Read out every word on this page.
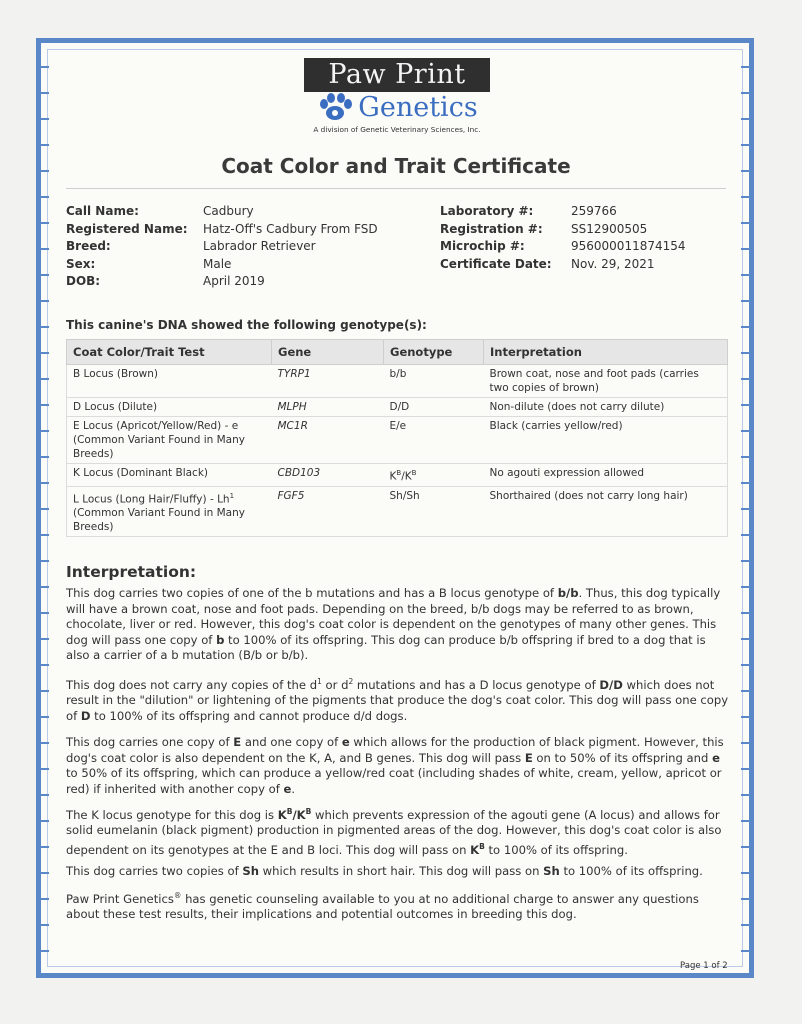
Paw Print
Genetics
A division of Genetic Veterinary Sciences, Inc.
Coat Color and Trait Certificate
Call Name:	Cadbury
Registered Name:	Hatz-Off's Cadbury From FSD
Breed:	Labrador Retriever
Sex:	Male
DOB:	April 2019
Laboratory #:	259766
Registration #:	SS12900505
Microchip #:	956000011874154
Certificate Date:	Nov. 29, 2021
This canine's DNA showed the following genotype(s):
Coat Color/Trait Test	Gene	Genotype	Interpretation
B Locus (Brown)	TYRP1	b/b	Brown coat, nose and foot pads (carries two copies of brown)
D Locus (Dilute)	MLPH	D/D	Non-dilute (does not carry dilute)
E Locus (Apricot/Yellow/Red) - e
(Common Variant Found in Many Breeds)	MC1R	E/e	Black (carries yellow/red)
K Locus (Dominant Black)	CBD103	$K^B/K^B$	No agouti expression allowed
L Locus (Long Hair/Fluffy) - Lh$^1$
(Common Variant Found in Many Breeds)	FGF5	Sh/Sh	Shorthaired (does not carry long hair)
Interpretation:

This dog carries two copies of one of the b mutations and has a B locus genotype of b/b. Thus, this dog typically will have a brown coat, nose and foot pads. Depending on the breed, b/b dogs may be referred to as brown, chocolate, liver or red. However, this dog's coat color is dependent on the genotypes of many other genes. This dog will pass one copy of b to 100% of its offspring. This dog can produce b/b offspring if bred to a dog that is also a carrier of a b mutation (B/b or b/b).

This dog does not carry any copies of the $d^1$ or $d^2$ mutations and has a D locus genotype of D/D which does not result in the "dilution" or lightening of the pigments that produce the dog's coat color. This dog will pass one copy of D to 100% of its offspring and cannot produce d/d dogs.

This dog carries one copy of E and one copy of e which allows for the production of black pigment. However, this dog's coat color is also dependent on the K, A, and B genes. This dog will pass E on to 50% of its offspring and e to 50% of its offspring, which can produce a yellow/red coat (including shades of white, cream, yellow, apricot or red) if inherited with another copy of e.

The K locus genotype for this dog is $K^B/K^B$ which prevents expression of the agouti gene (A locus) and allows for solid eumelanin (black pigment) production in pigmented areas of the dog. However, this dog's coat color is also dependent on its genotypes at the E and B loci. This dog will pass on $K^B$ to 100% of its offspring.

This dog carries two copies of Sh which results in short hair. This dog will pass on Sh to 100% of its offspring.

Paw Print Genetics® has genetic counseling available to you at no additional charge to answer any questions about these test results, their implications and potential outcomes in breeding this dog.

Page 1 of 2
